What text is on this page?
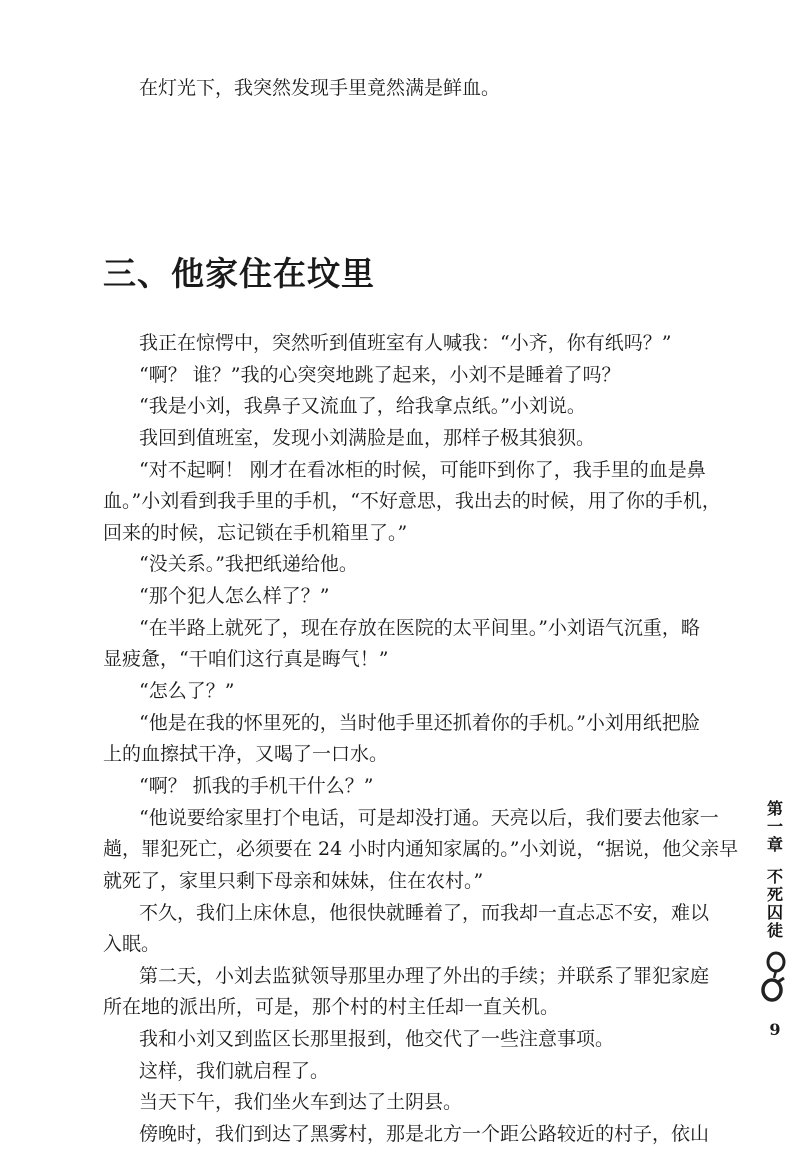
在灯光下，我突然发现手里竟然满是鲜血。
三、他家住在坟里
我正在惊愕中，突然听到值班室有人喊我：“小齐，你有纸吗？”
“啊？ 谁？”我的心突突地跳了起来，小刘不是睡着了吗？
“我是小刘，我鼻子又流血了，给我拿点纸。”小刘说。
我回到值班室，发现小刘满脸是血，那样子极其狼狈。
“对不起啊！ 刚才在看冰柜的时候，可能吓到你了，我手里的血是鼻
血。”小刘看到我手里的手机，“不好意思，我出去的时候，用了你的手机，
回来的时候，忘记锁在手机箱里了。”
“没关系。”我把纸递给他。
“那个犯人怎么样了？”
“在半路上就死了，现在存放在医院的太平间里。”小刘语气沉重，略
显疲惫，“干咱们这行真是晦气！”
“怎么了？”
“他是在我的怀里死的，当时他手里还抓着你的手机。”小刘用纸把脸
上的血擦拭干净，又喝了一口水。
“啊？ 抓我的手机干什么？”
“他说要给家里打个电话，可是却没打通。天亮以后，我们要去他家一
趟，罪犯死亡，必须要在 24 小时内通知家属的。”小刘说，“据说，他父亲早
就死了，家里只剩下母亲和妹妹，住在农村。”
不久，我们上床休息，他很快就睡着了，而我却一直忐忑不安，难以
入眠。
第二天，小刘去监狱领导那里办理了外出的手续；并联系了罪犯家庭
所在地的派出所，可是，那个村的村主任却一直关机。
我和小刘又到监区长那里报到，他交代了一些注意事项。
这样，我们就启程了。
当天下午，我们坐火车到达了土阴县。
傍晚时，我们到达了黑雾村，那是北方一个距公路较近的村子，依山
第
一
章
不
死
囚
徒
9
